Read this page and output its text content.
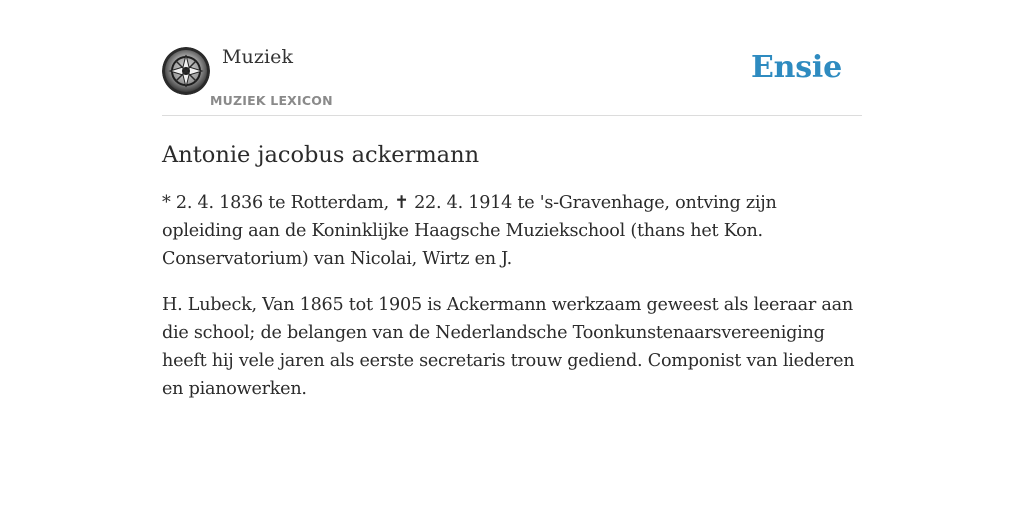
Muziek
MUZIEK LEXICON
Ensie
Antonie jacobus ackermann

* 2. 4. 1836 te Rotterdam, ✝ 22. 4. 1914 te 's-Gravenhage, ontving zijn opleiding aan de Koninklijke Haagsche Muziekschool (thans het Kon. Conservatorium) van Nicolai, Wirtz en J.

H. Lubeck, Van 1865 tot 1905 is Ackermann werkzaam geweest als leeraar aan die school; de belangen van de Nederlandsche Toonkunstenaarsvereeniging heeft hij vele jaren als eerste secretaris trouw gediend. Componist van liederen en pianowerken.
